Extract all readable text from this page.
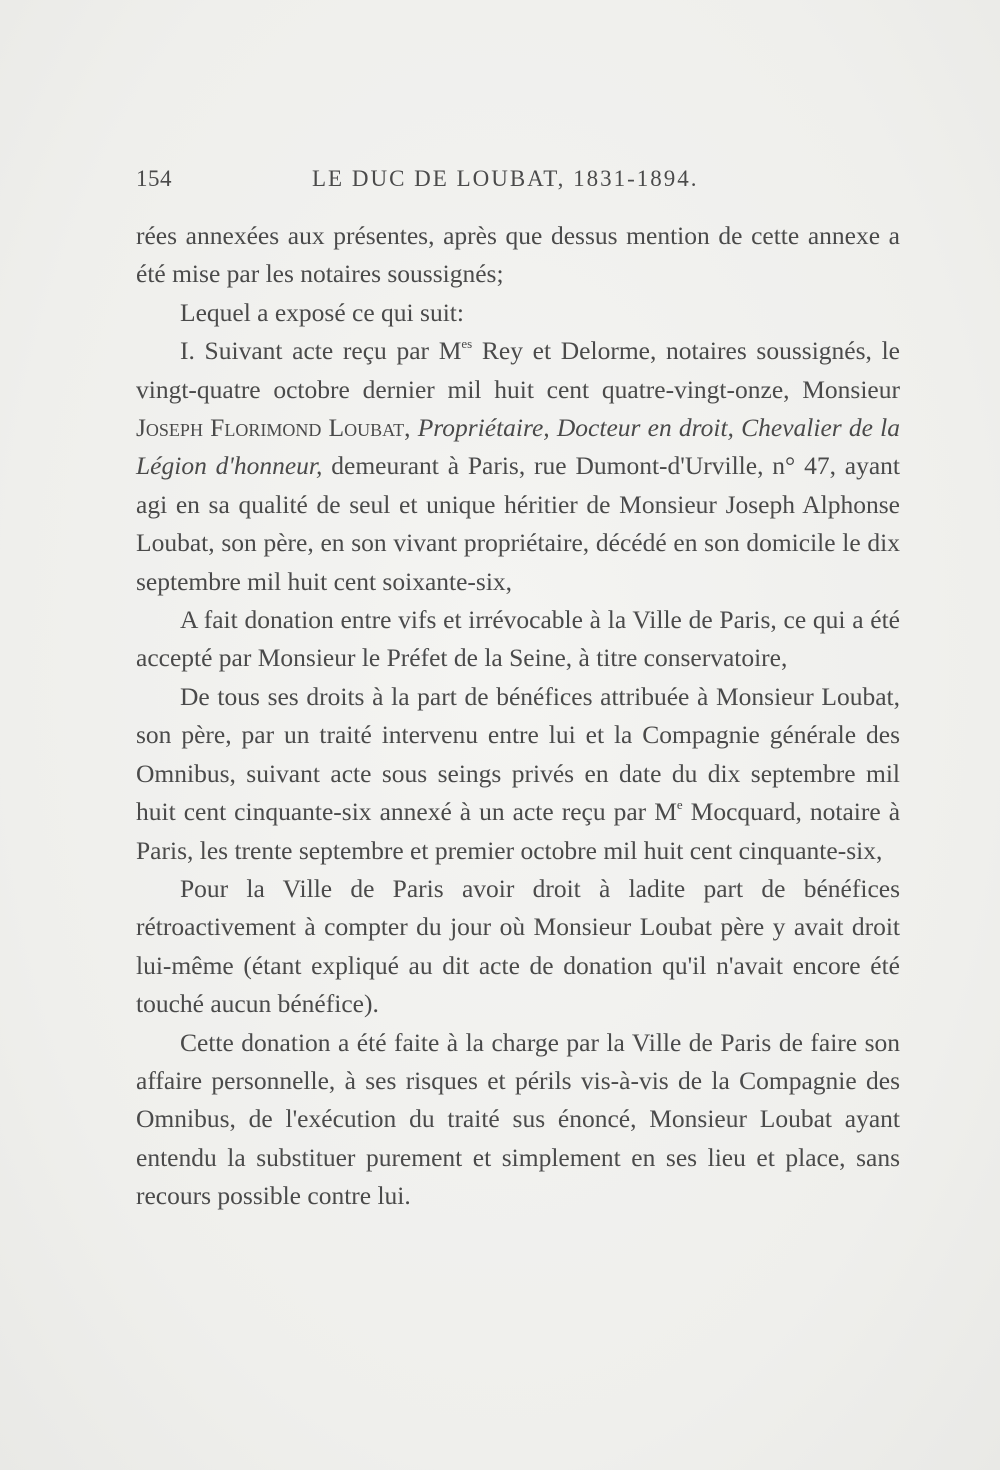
154	LE DUC DE LOUBAT, 1831-1894.

rées annexées aux présentes, après que dessus mention de cette annexe a été mise par les notaires soussignés;

Lequel a exposé ce qui suit:

I. Suivant acte reçu par $M^{es}$ Rey et Delorme, notaires soussignés, le vingt-quatre octobre dernier mil huit cent quatre-vingt-onze, Monsieur Joseph Florimond Loubat, Propriétaire, Docteur en droit, Chevalier de la Légion d'honneur, demeurant à Paris, rue Dumont-d'Urville, n° 47, ayant agi en sa qualité de seul et unique héritier de Monsieur Joseph Alphonse Loubat, son père, en son vivant propriétaire, décédé en son domicile le dix septembre mil huit cent soixante-six,

A fait donation entre vifs et irrévocable à la Ville de Paris, ce qui a été accepté par Monsieur le Préfet de la Seine, à titre conservatoire,

De tous ses droits à la part de bénéfices attribuée à Monsieur Loubat, son père, par un traité intervenu entre lui et la Compagnie générale des Omnibus, suivant acte sous seings privés en date du dix septembre mil huit cent cinquante-six annexé à un acte reçu par Me Mocquard, notaire à Paris, les trente septembre et premier octobre mil huit cent cinquante-six,

Pour la Ville de Paris avoir droit à ladite part de bénéfices rétroactivement à compter du jour où Monsieur Loubat père y avait droit lui-même (étant expliqué au dit acte de donation qu'il n'avait encore été touché aucun bénéfice).

Cette donation a été faite à la charge par la Ville de Paris de faire son affaire personnelle, à ses risques et périls vis-à-vis de la Compagnie des Omnibus, de l'exécution du traité sus énoncé, Monsieur Loubat ayant entendu la substituer purement et simplement en ses lieu et place, sans recours possible contre lui.
